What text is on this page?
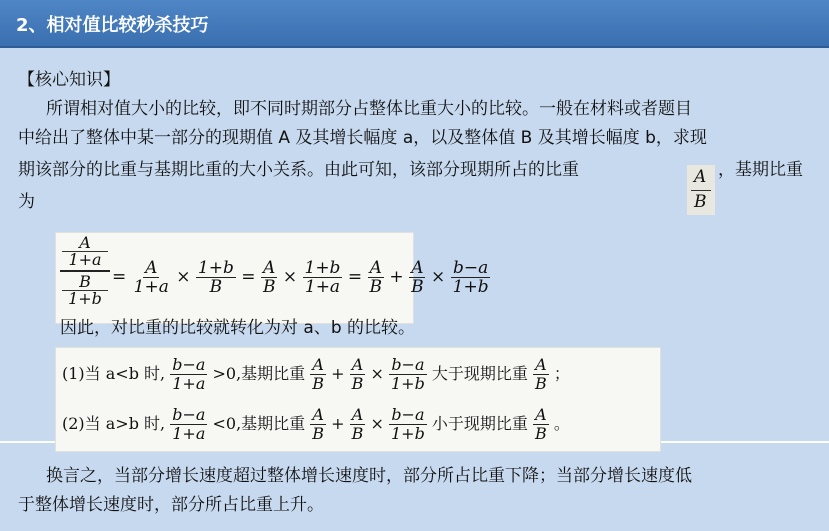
2、相对值比较秒杀技巧
【核心知识】
所谓相对值大小的比较，即不同时期部分占整体比重大小的比较。一般在材料或者题目
中给出了整体中某一部分的现期值 A 及其增长幅度 a，以及整体值 B 及其增长幅度 b，求现
期该部分的比重与基期比重的大小关系。由此可知，该部分现期所占的比重	A
B
，基期比重
为
A
1+a
B
1+b
= $\frac{A}{1+a} \times \frac{1+b}{B} = \frac{A}{B} \times \frac{1+b}{1+a} = \frac{A}{B} + \frac{A}{B} \times \frac{b-a}{1+b}$
因此，对比重的比较就转化为对 a、b 的比较。
(1)当 a<b 时, $\frac{b-a}{1+a} >0$,基期比重 $\frac{A}{B} + \frac{A}{B} \times \frac{b-a}{1+b}$ 大于现期比重 $\frac{A}{B}$ ；
(2)当 a>b 时, $\frac{b-a}{1+a} <0$,基期比重 $\frac{A}{B} + \frac{A}{B} \times \frac{b-a}{1+b}$ 小于现期比重 $\frac{A}{B}$ 。
换言之，当部分增长速度超过整体增长速度时，部分所占比重下降；当部分增长速度低
于整体增长速度时，部分所占比重上升。
